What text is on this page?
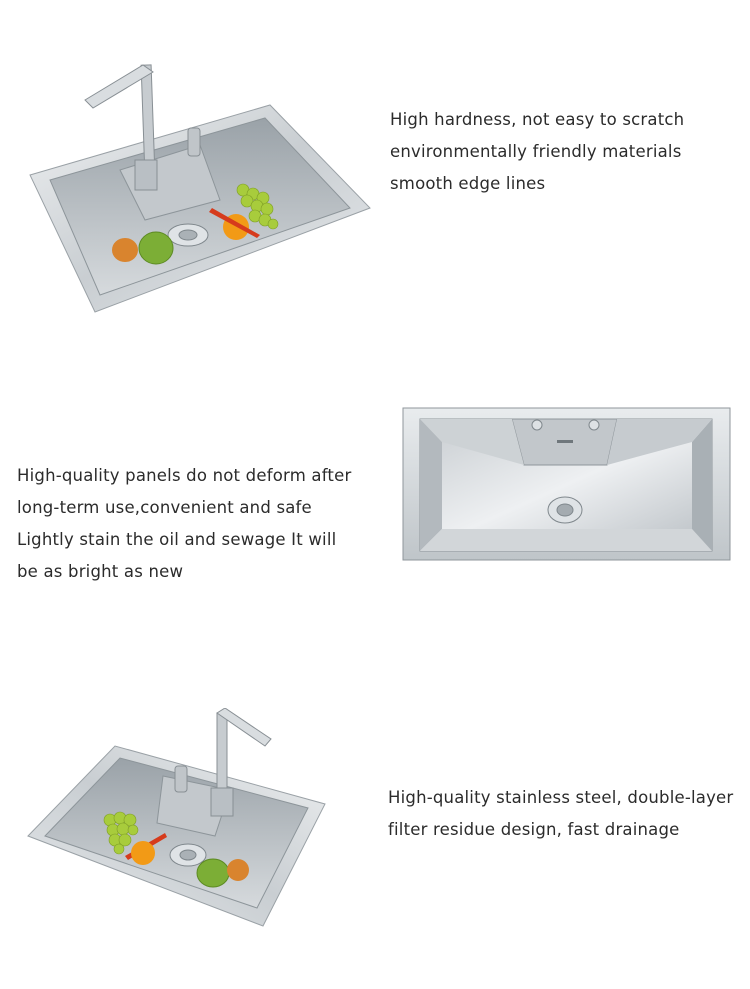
High hardness, not easy to scratch
environmentally friendly materials
smooth edge lines
High-quality panels do not deform after
long-term use,convenient and safe
Lightly stain the oil and sewage It will
be as bright as new
High-quality stainless steel, double-layer
filter residue design, fast drainage
